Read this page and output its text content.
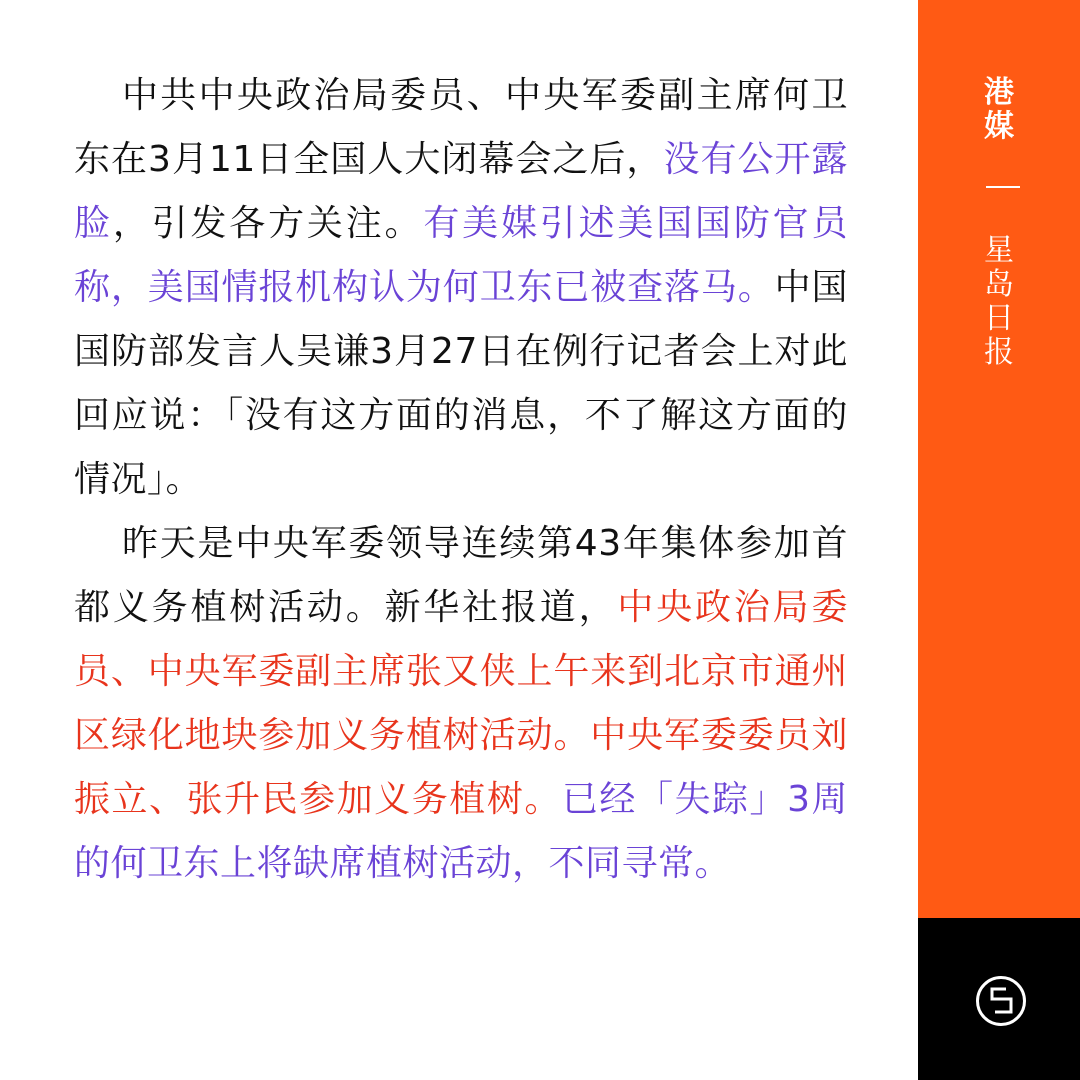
中共中央政治局委员、中央军委副主席何卫东在3月11日全国人大闭幕会之后，没有公开露脸，引发各方关注。有美媒引述美国国防官员称，美国情报机构认为何卫东已被查落马。中国国防部发言人吴谦3月27日在例行记者会上对此回应说：「没有这方面的消息，不了解这方面的情况」。

昨天是中央军委领导连续第43年集体参加首都义务植树活动。新华社报道，中央政治局委员、中央军委副主席张又侠上午来到北京市通州区绿化地块参加义务植树活动。中央军委委员刘振立、张升民参加义务植树。已经「失踪」3周的何卫东上将缺席植树活动，不同寻常。

港
媒
星
岛
日
报
